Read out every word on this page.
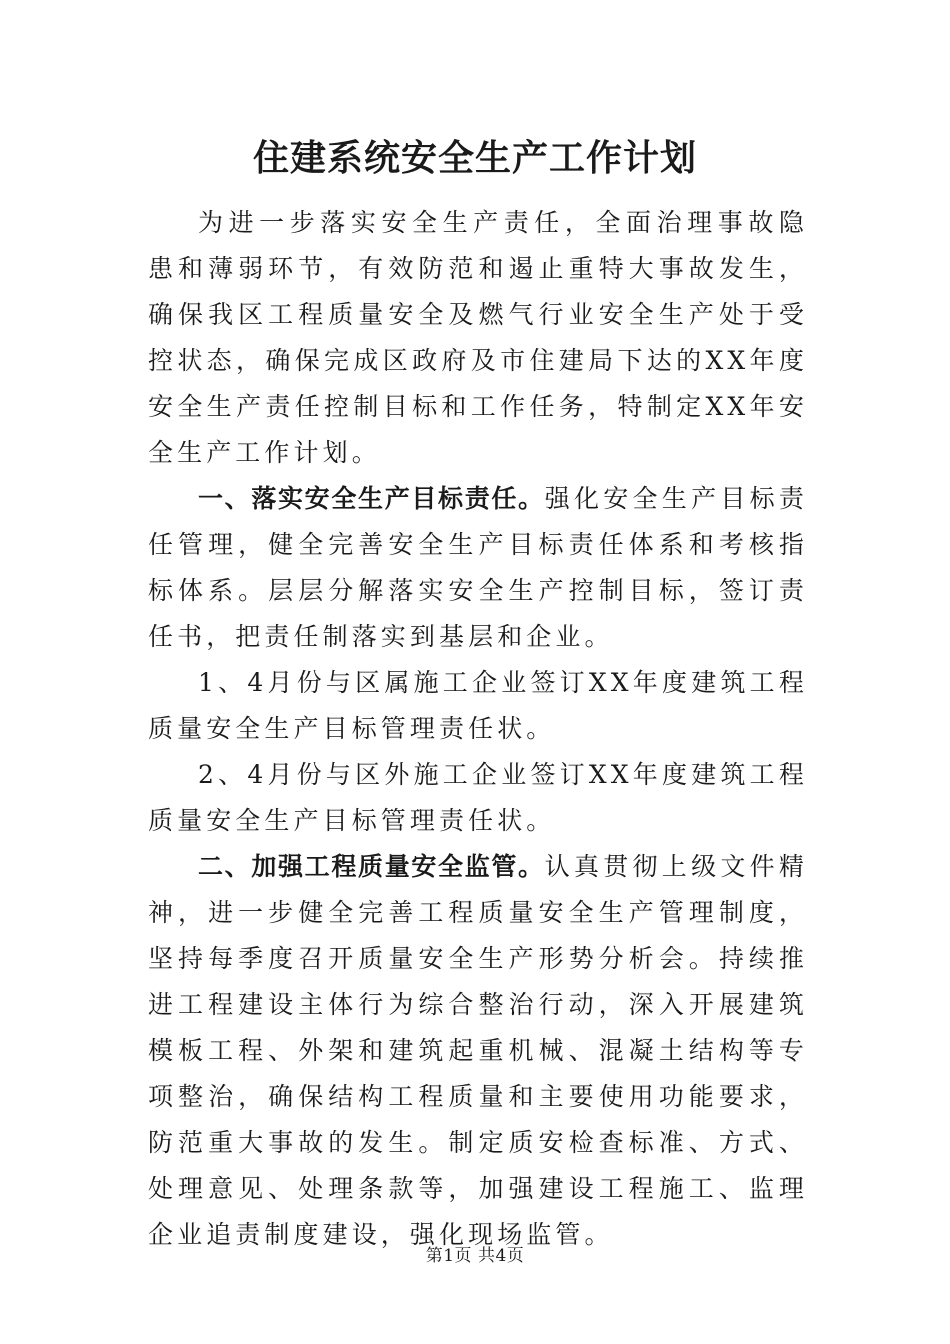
住建系统安全生产工作计划

为进一步落实安全生产责任，全面治理事故隐患和薄弱环节，有效防范和遏止重特大事故发生，确保我区工程质量安全及燃气行业安全生产处于受控状态，确保完成区政府及市住建局下达的XX年度安全生产责任控制目标和工作任务，特制定XX年安全生产工作计划。

一、落实安全生产目标责任。强化安全生产目标责任管理，健全完善安全生产目标责任体系和考核指标体系。层层分解落实安全生产控制目标，签订责任书，把责任制落实到基层和企业。

1、4月份与区属施工企业签订XX年度建筑工程质量安全生产目标管理责任状。

2、4月份与区外施工企业签订XX年度建筑工程质量安全生产目标管理责任状。

二、加强工程质量安全监管。认真贯彻上级文件精神，进一步健全完善工程质量安全生产管理制度，坚持每季度召开质量安全生产形势分析会。持续推进工程建设主体行为综合整治行动，深入开展建筑模板工程、外架和建筑起重机械、混凝土结构等专项整治，确保结构工程质量和主要使用功能要求，防范重大事故的发生。制定质安检查标准、方式、处理意见、处理条款等，加强建设工程施工、监理企业追责制度建设，强化现场监管。

第1页 共4页
